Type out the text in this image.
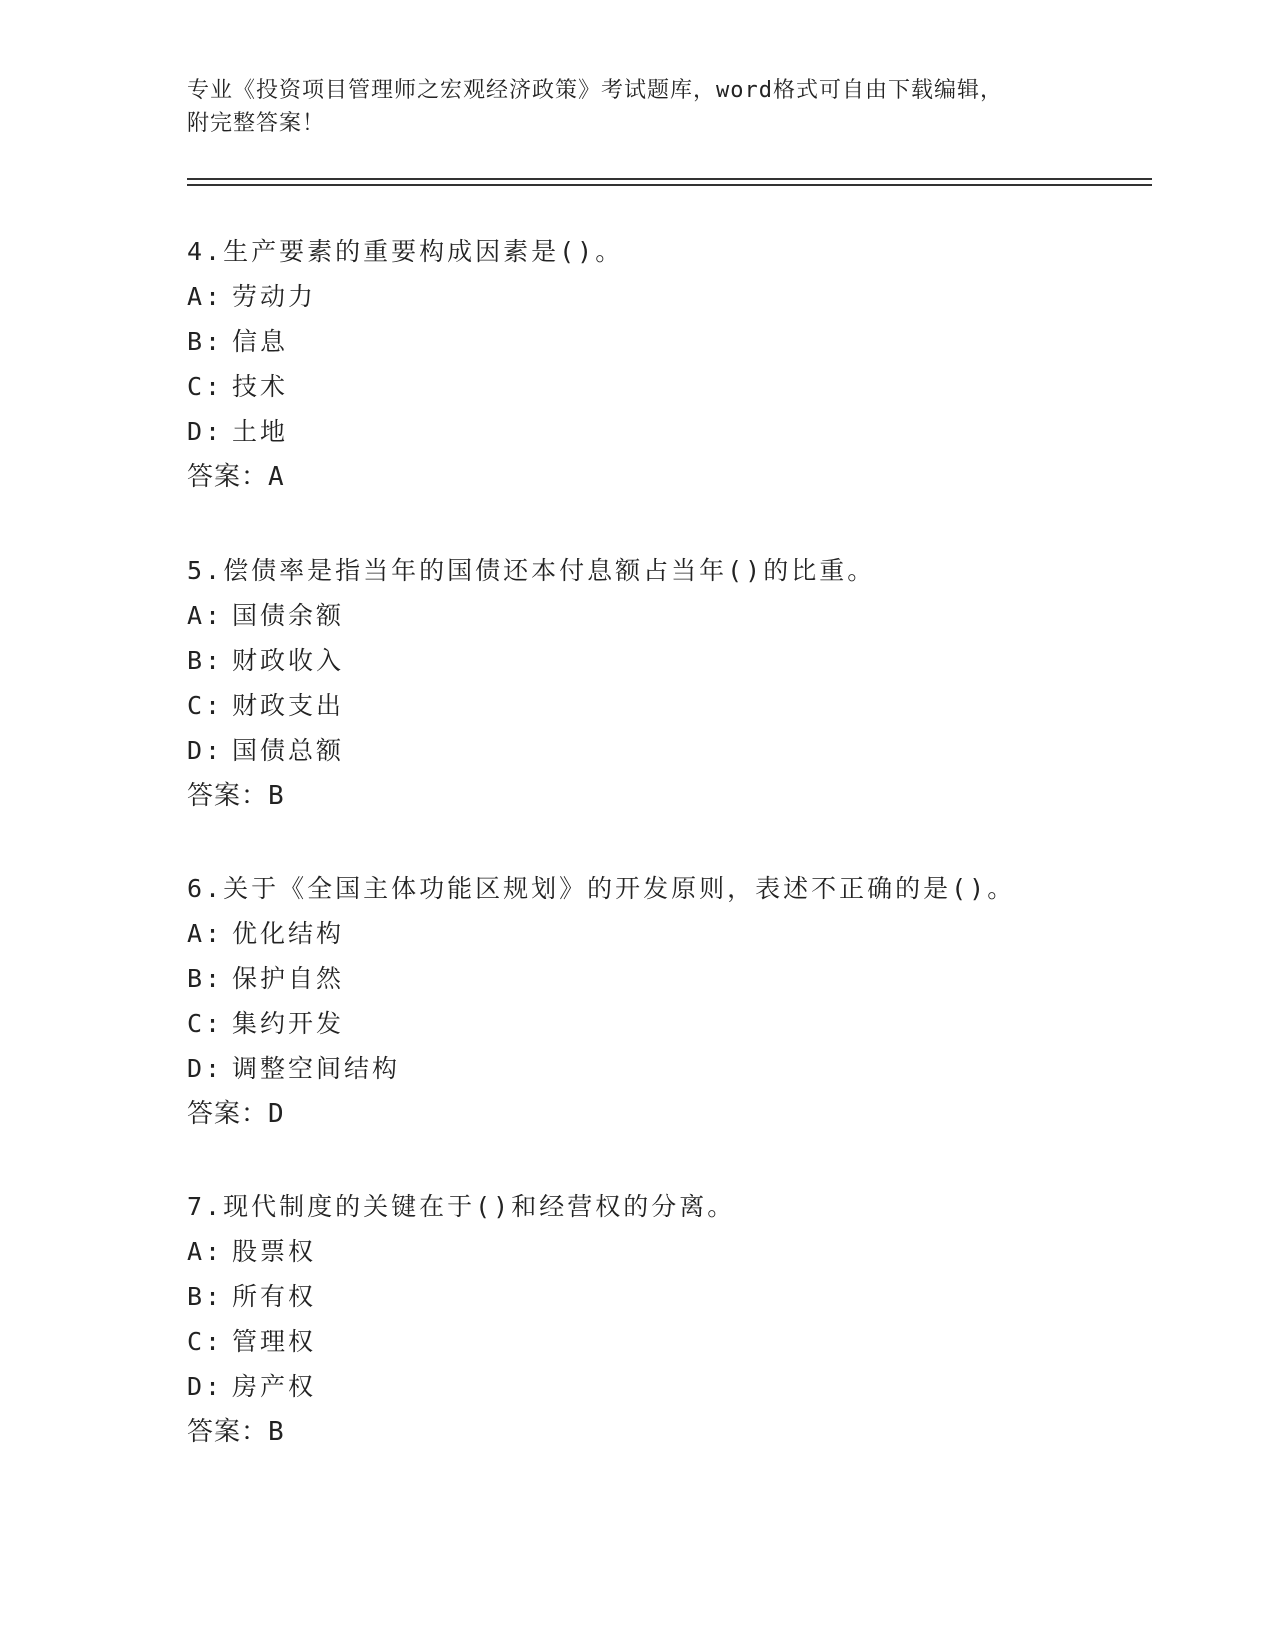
专业《投资项目管理师之宏观经济政策》考试题库，word格式可自由下载编辑，
附完整答案！
4.生产要素的重要构成因素是()。
A: 劳动力
B: 信息
C: 技术
D: 土地
答案：A
5.偿债率是指当年的国债还本付息额占当年()的比重。
A: 国债余额
B: 财政收入
C: 财政支出
D: 国债总额
答案：B
6.关于《全国主体功能区规划》的开发原则，表述不正确的是()。
A: 优化结构
B: 保护自然
C: 集约开发
D: 调整空间结构
答案：D
7.现代制度的关键在于()和经营权的分离。
A: 股票权
B: 所有权
C: 管理权
D: 房产权
答案：B
